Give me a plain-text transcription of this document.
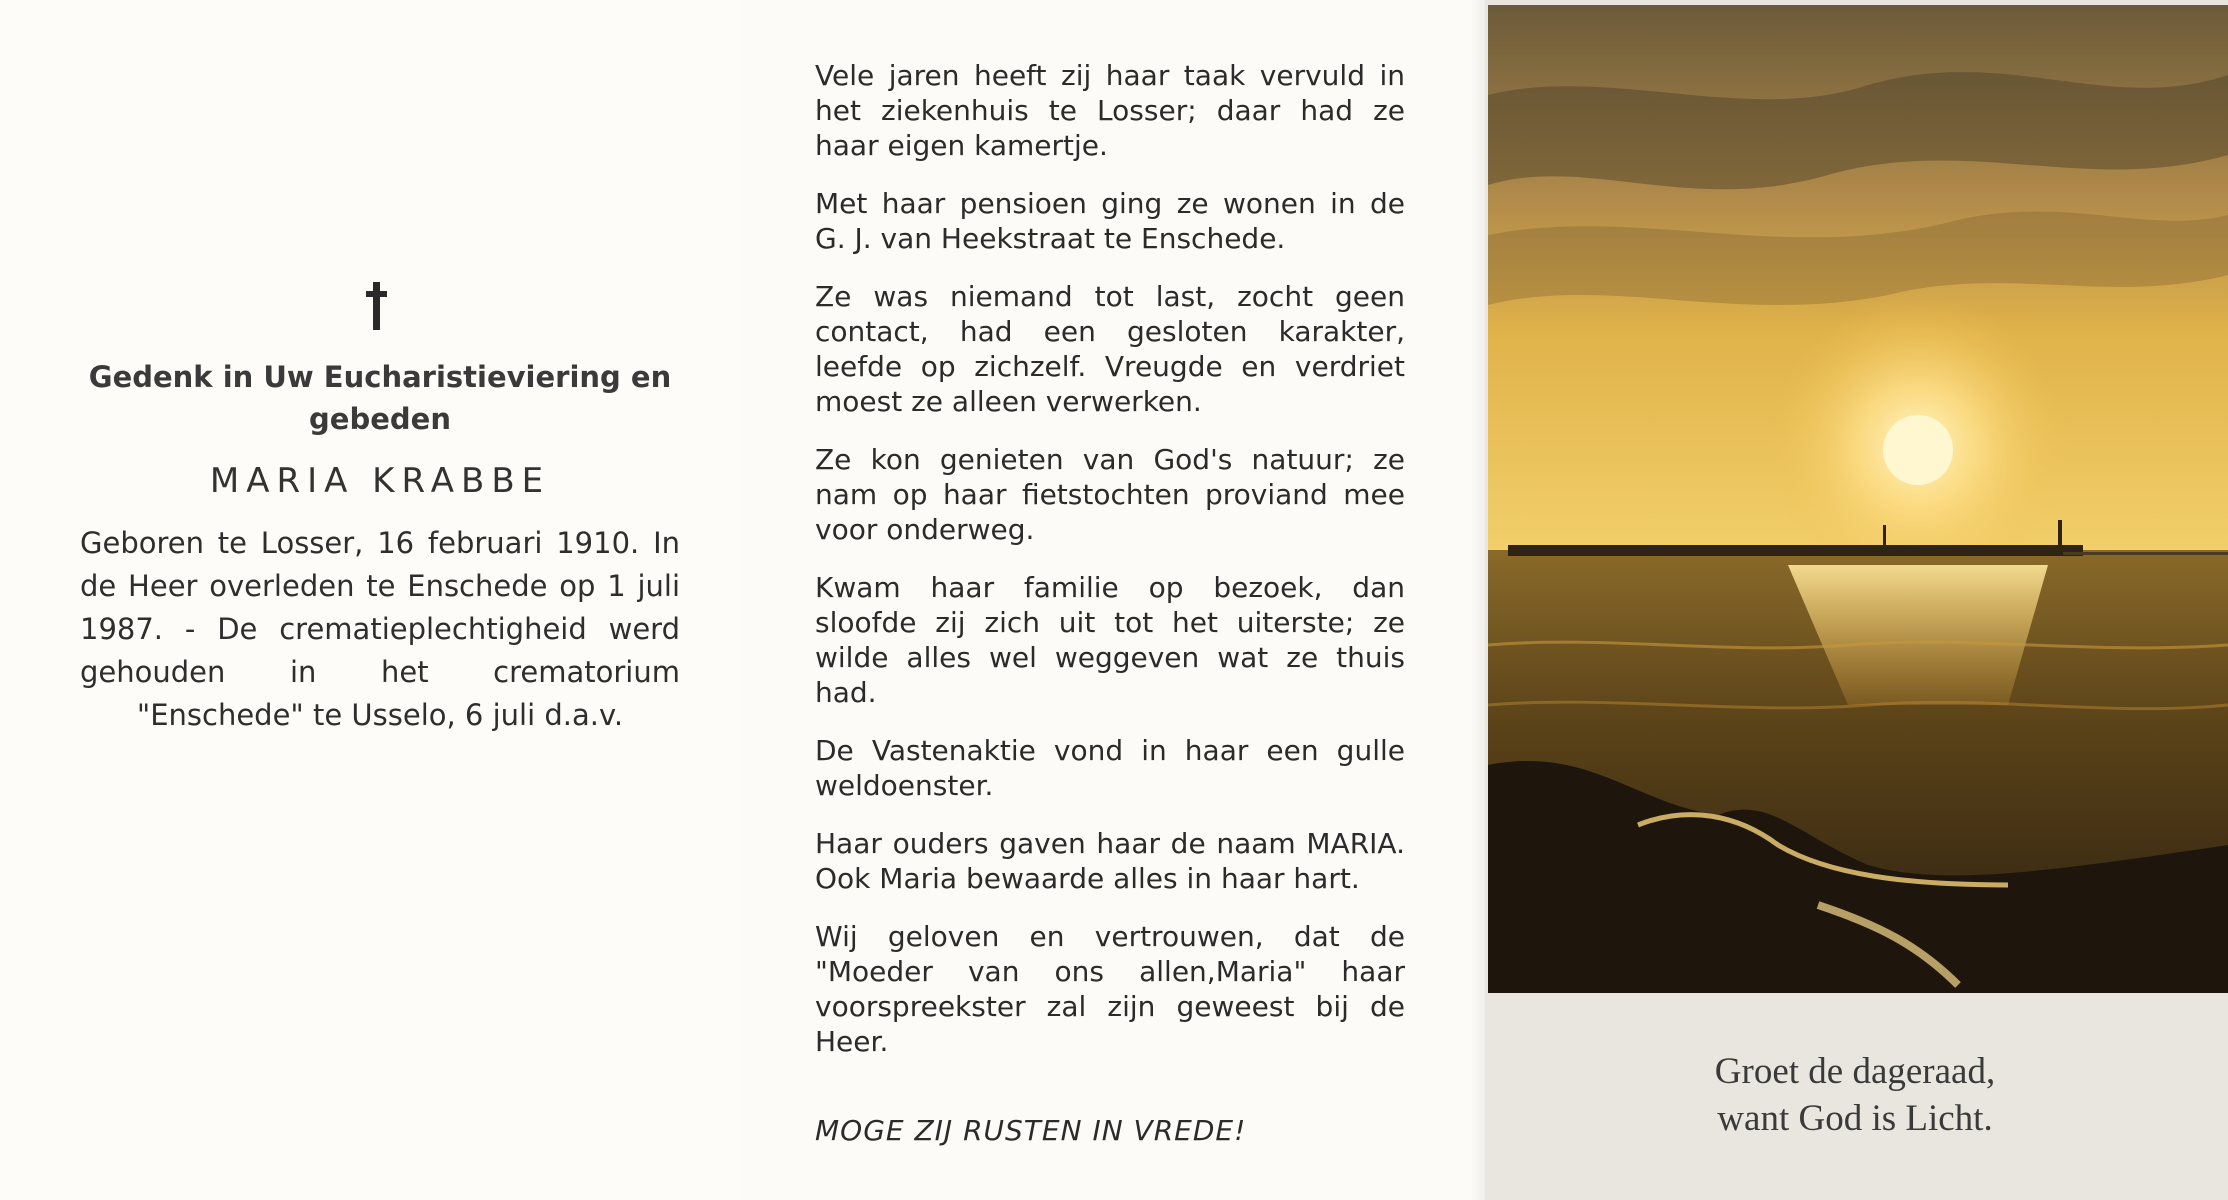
Gedenk in Uw Eucharistieviering en gebeden
MARIA KRABBE
Geboren te Losser, 16 februari 1910. In de Heer overleden te Enschede op 1 juli 1987. - De crematieplechtigheid werd gehouden in het crematorium "Enschede" te Usselo, 6 juli d.a.v.

Vele jaren heeft zij haar taak vervuld in het ziekenhuis te Losser; daar had ze haar eigen kamertje.

Met haar pensioen ging ze wonen in de G. J. van Heekstraat te Enschede.

Ze was niemand tot last, zocht geen contact, had een gesloten karakter, leefde op zichzelf. Vreugde en verdriet moest ze alleen verwerken.

Ze kon genieten van God's natuur; ze nam op haar fietstochten proviand mee voor onderweg.

Kwam haar familie op bezoek, dan sloofde zij zich uit tot het uiterste; ze wilde alles wel weggeven wat ze thuis had.

De Vastenaktie vond in haar een gulle weldoenster.

Haar ouders gaven haar de naam MARIA. Ook Maria bewaarde alles in haar hart.

Wij geloven en vertrouwen, dat de "Moeder van ons allen,Maria" haar voorspreekster zal zijn geweest bij de Heer.

MOGE ZIJ RUSTEN IN VREDE!
Groet de dageraad,
want God is Licht.
